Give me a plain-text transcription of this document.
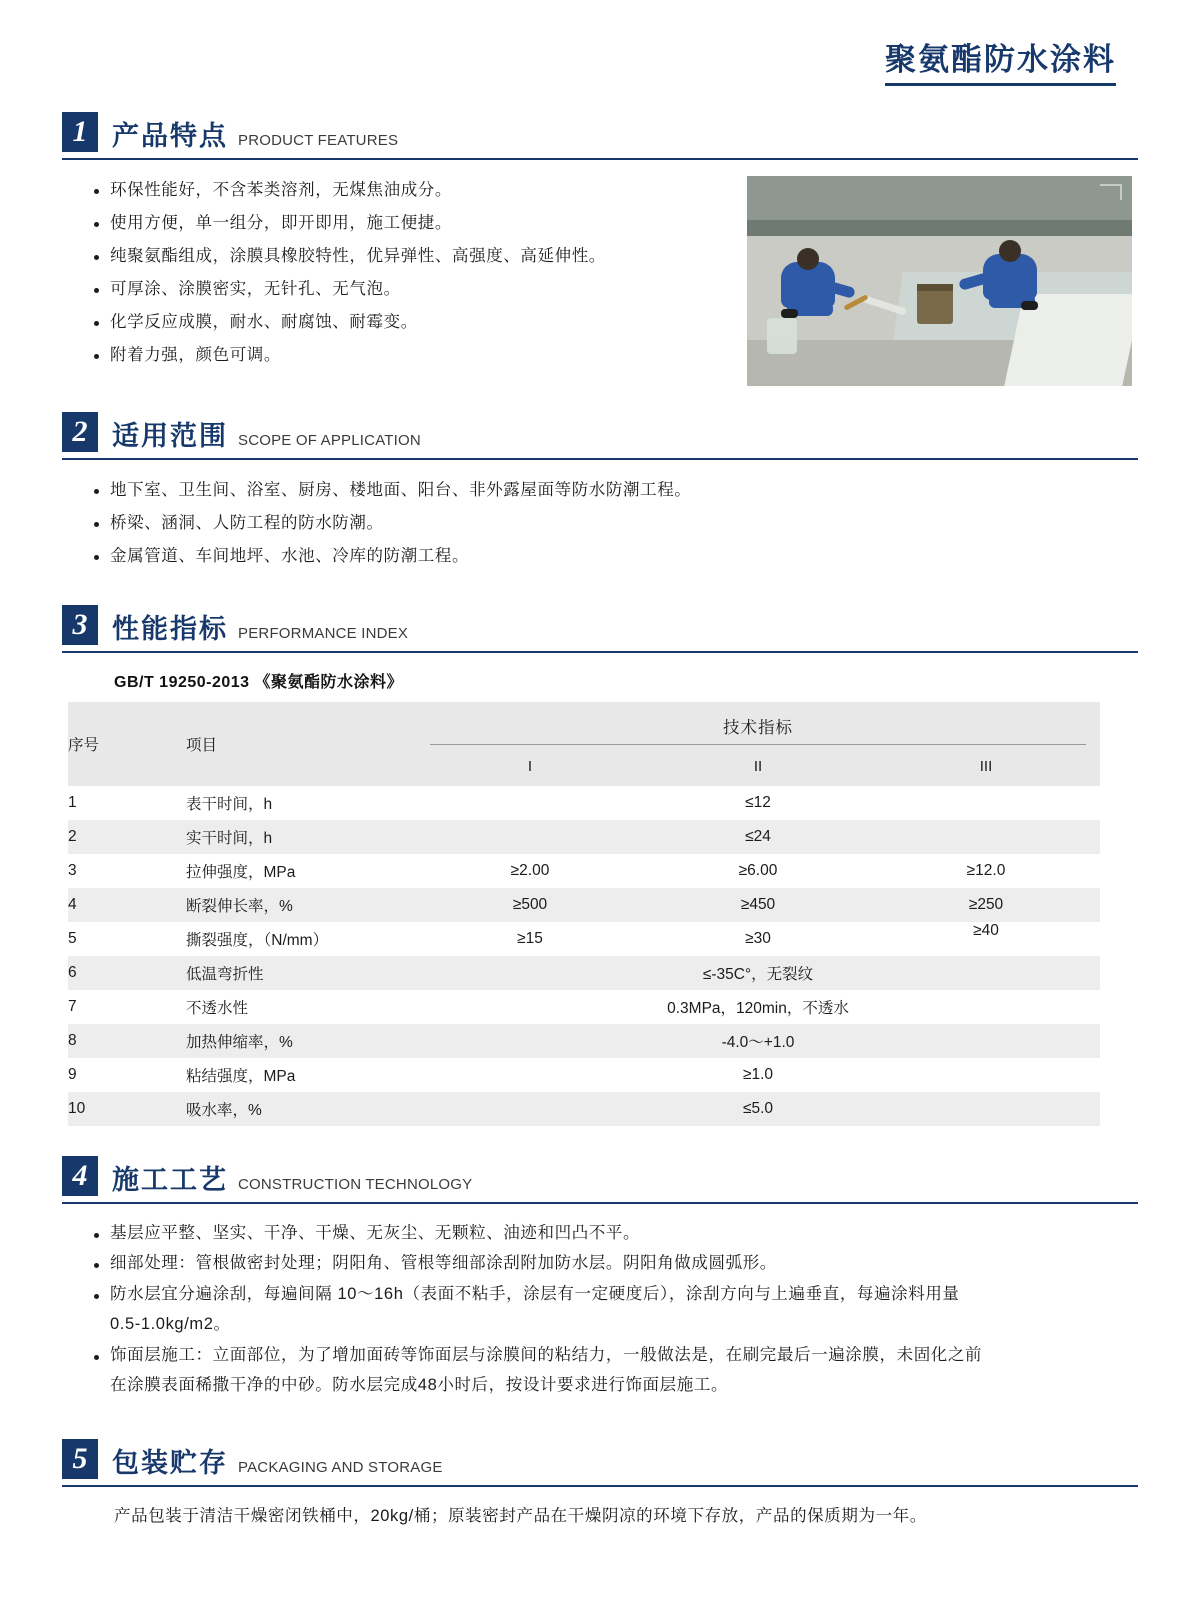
聚氨酯防水涂料
1 产品特点 PRODUCT FEATURES
环保性能好，不含苯类溶剂，无煤焦油成分。
使用方便，单一组分，即开即用，施工便捷。
纯聚氨酯组成，涂膜具橡胶特性，优异弹性、高强度、高延伸性。
可厚涂、涂膜密实，无针孔、无气泡。
化学反应成膜，耐水、耐腐蚀、耐霉变。
附着力强，颜色可调。
2 适用范围 SCOPE OF APPLICATION
地下室、卫生间、浴室、厨房、楼地面、阳台、非外露屋面等防水防潮工程。
桥梁、涵洞、人防工程的防水防潮。
金属管道、车间地坪、水池、冷库的防潮工程。
3 性能指标 PERFORMANCE INDEX
GB/T 19250-2013 《聚氨酯防水涂料》
序号	项目	技术指标		

		I	II	III
1	表干时间，h	≤12		
2	实干时间，h	≤24		
3	拉伸强度，MPa	≥2.00	≥6.00	≥12.0
4	断裂伸长率，%	≥500	≥450	≥250
5	撕裂强度，（N/mm）	≥15	≥30	≥40
6	低温弯折性	≤-35C°，无裂纹		
7	不透水性	0.3MPa，120min，不透水		
8	加热伸缩率，%	-4.0～+1.0		
9	粘结强度，MPa	≥1.0		
10	吸水率，%	≤5.0		
4 施工工艺 CONSTRUCTION TECHNOLOGY
基层应平整、坚实、干净、干燥、无灰尘、无颗粒、油迹和凹凸不平。
细部处理：管根做密封处理；阴阳角、管根等细部涂刮附加防水层。阴阳角做成圆弧形。
防水层宜分遍涂刮，每遍间隔 10～16h（表面不粘手，涂层有一定硬度后），涂刮方向与上遍垂直，每遍涂料用量
0.5-1.0kg/m2。
饰面层施工：立面部位，为了增加面砖等饰面层与涂膜间的粘结力，一般做法是，在刷完最后一遍涂膜，未固化之前
在涂膜表面稀撒干净的中砂。防水层完成48小时后，按设计要求进行饰面层施工。
5 包装贮存 PACKAGING AND STORAGE
产品包装于清洁干燥密闭铁桶中，20kg/桶；原装密封产品在干燥阴凉的环境下存放，产品的保质期为一年。
